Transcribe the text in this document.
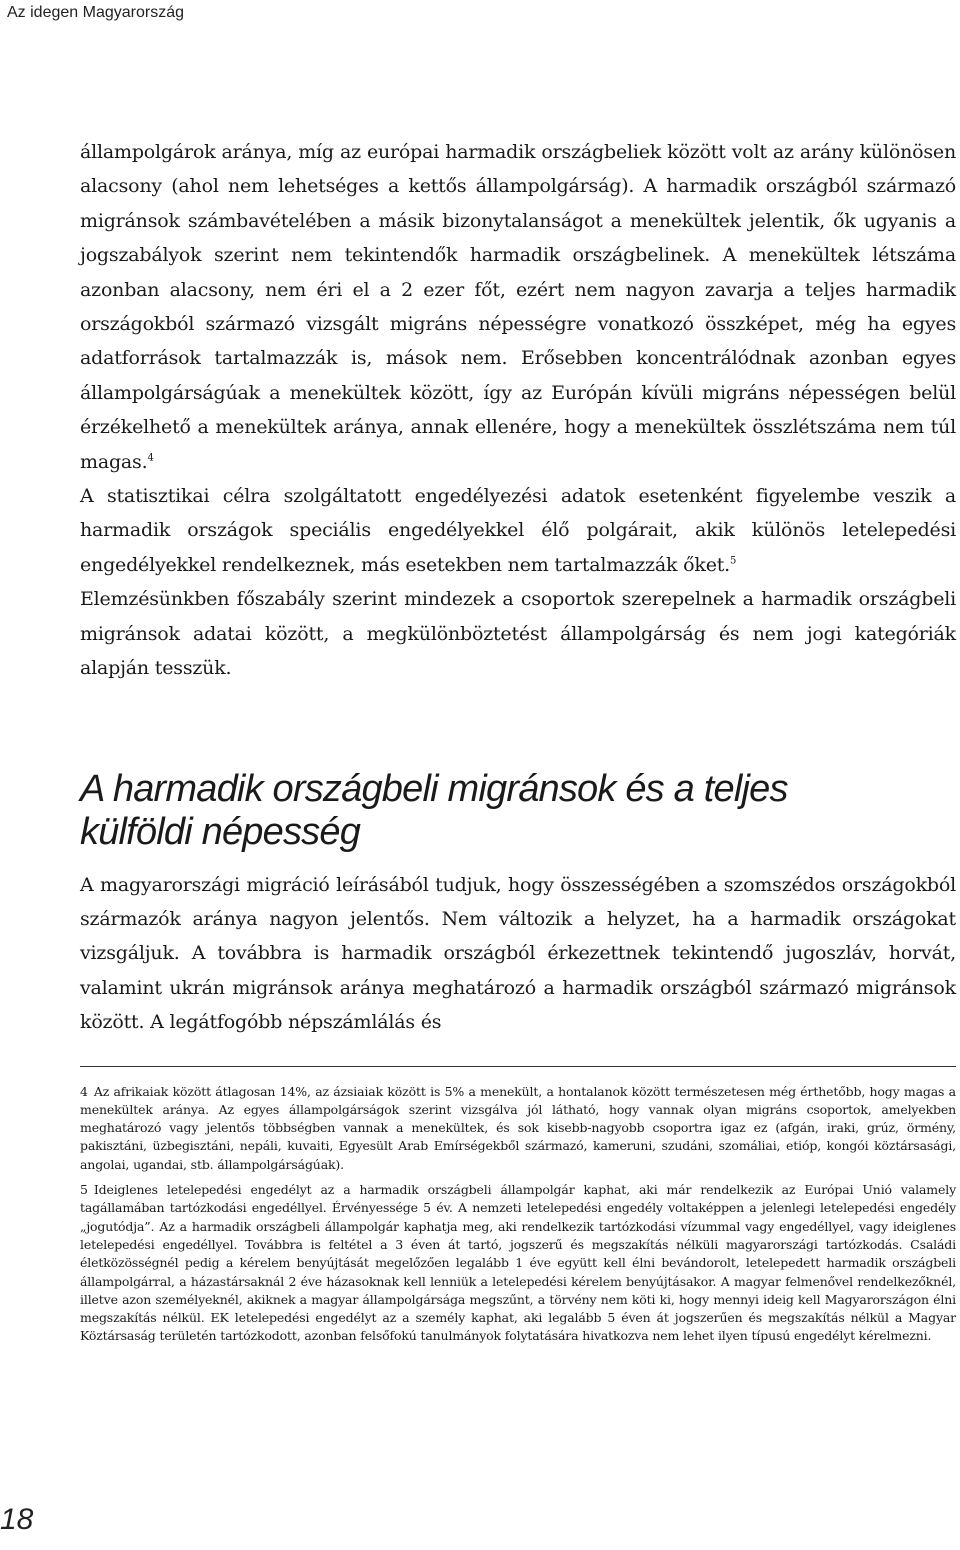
Az idegen Magyarország

állampolgárok aránya, míg az európai harmadik országbeliek között volt az arány különösen alacsony (ahol nem lehetséges a kettős állampolgárság). A harmadik országból származó migránsok számbavételében a másik bizonytalanságot a menekültek jelentik, ők ugyanis a jogszabályok szerint nem tekintendők harmadik országbelinek. A menekültek létszáma azonban alacsony, nem éri el a 2 ezer főt, ezért nem nagyon zavarja a teljes harmadik országokból származó vizsgált migráns népességre vonatkozó összképet, még ha egyes adatforrások tartalmazzák is, mások nem. Erősebben koncentrálódnak azonban egyes állampolgárságúak a menekültek között, így az Európán kívüli migráns népességen belül érzékelhető a menekültek aránya, annak ellenére, hogy a menekültek összlétszáma nem túl magas.$^4$

A statisztikai célra szolgáltatott engedélyezési adatok esetenként figyelembe veszik a harmadik országok speciális engedélyekkel élő polgárait, akik különös letelepedési engedélyekkel rendelkeznek, más esetekben nem tartalmazzák őket.$^5$

Elemzésünkben főszabály szerint mindezek a csoportok szerepelnek a harmadik országbeli migránsok adatai között, a megkülönböztetést állampolgárság és nem jogi kategóriák alapján tesszük.

A harmadik országbeli migránsok és a teljes
külföldi népesség

A magyarországi migráció leírásából tudjuk, hogy összességében a szomszédos országokból származók aránya nagyon jelentős. Nem változik a helyzet, ha a harmadik országokat vizsgáljuk. A továbbra is harmadik országból érkezettnek tekintendő jugoszláv, horvát, valamint ukrán migránsok aránya meghatározó a harmadik országból származó migránsok között. A legátfogóbb népszámlálás és

4 Az afrikaiak között átlagosan 14%, az ázsiaiak között is 5% a menekült, a hontalanok között természetesen még érthetőbb, hogy magas a menekültek aránya. Az egyes állampolgárságok szerint vizsgálva jól látható, hogy vannak olyan migráns csoportok, amelyekben meghatározó vagy jelentős többségben vannak a menekültek, és sok kisebb-nagyobb csoportra igaz ez (afgán, iraki, grúz, örmény, pakisztáni, üzbegisztáni, nepáli, kuvaiti, Egyesült Arab Emírségekből származó, kameruni, szudáni, szomáliai, etióp, kongói köztársasági, angolai, ugandai, stb. állampolgárságúak).

5 Ideiglenes letelepedési engedélyt az a harmadik országbeli állampolgár kaphat, aki már rendelkezik az Európai Unió valamely tagállamában tartózkodási engedéllyel. Érvényessége 5 év. A nemzeti letelepedési engedély voltaképpen a jelenlegi letelepedési engedély „jogutódja”. Az a harmadik országbeli állampolgár kaphatja meg, aki rendelkezik tartózkodási vízummal vagy engedéllyel, vagy ideiglenes letelepedési engedéllyel. Továbbra is feltétel a 3 éven át tartó, jogszerű és megszakítás nélküli magyarországi tartózkodás. Családi életközösségnél pedig a kérelem benyújtását megelőzően legalább 1 éve együtt kell élni bevándorolt, letelepedett harmadik országbeli állampolgárral, a házastársaknál 2 éve házasoknak kell lenniük a letelepedési kérelem benyújtásakor. A magyar felmenővel rendelkezőknél, illetve azon személyeknél, akiknek a magyar állampolgársága megszűnt, a törvény nem köti ki, hogy mennyi ideig kell Magyarországon élni megszakítás nélkül. EK letelepedési engedélyt az a személy kaphat, aki legalább 5 éven át jogszerűen és megszakítás nélkül a Magyar Köztársaság területén tartózkodott, azonban felsőfokú tanulmányok folytatására hivatkozva nem lehet ilyen típusú engedélyt kérelmezni.

18
